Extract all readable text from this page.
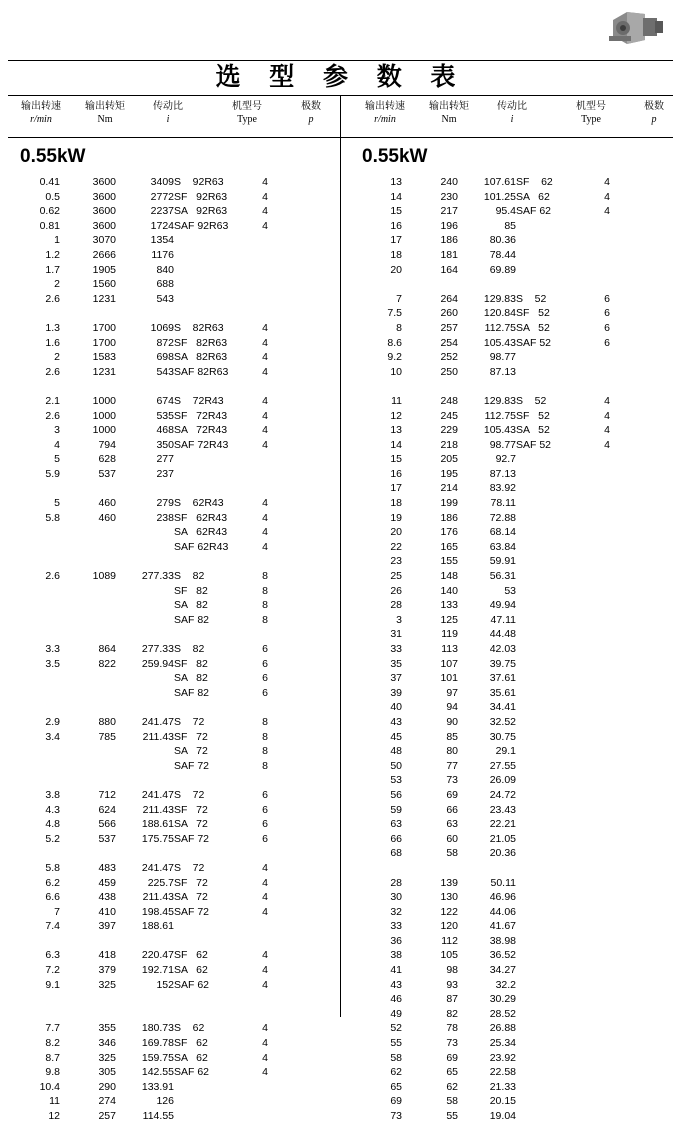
选 型 参 数 表
输出转速
r/min
输出转矩
Nm
传动比
i
机型号
Type
极数
p
输出转速
r/min
输出转矩
Nm
传动比
i
机型号
Type
极数
p
0.55kW	0.55kW
0.41	3600	3409	S    92R63	4
0.5	3600	2772	SF   92R63	4
0.62	3600	2237	SA   92R63	4
0.81	3600	1724	SAF 92R63	4
1	3070	1354		
1.2	2666	1176		
1.7	1905	840		
2	1560	688		
2.6	1231	543		

1.3	1700	1069	S    82R63	4
1.6	1700	872	SF   82R63	4
2	1583	698	SA   82R63	4
2.6	1231	543	SAF 82R63	4

2.1	1000	674	S    72R43	4
2.6	1000	535	SF   72R43	4
3	1000	468	SA   72R43	4
4	794	350	SAF 72R43	4
5	628	277		
5.9	537	237		

5	460	279	S    62R43	4
5.8	460	238	SF   62R43	4
			SA   62R43	4
			SAF 62R43	4

2.6	1089	277.33	S    82	8
			SF   82	8
			SA   82	8
			SAF 82	8

3.3	864	277.33	S    82	6
3.5	822	259.94	SF   82	6
			SA   82	6
			SAF 82	6

2.9	880	241.47	S    72	8
3.4	785	211.43	SF   72	8
			SA   72	8
			SAF 72	8

3.8	712	241.47	S    72	6
4.3	624	211.43	SF   72	6
4.8	566	188.61	SA   72	6
5.2	537	175.75	SAF 72	6

5.8	483	241.47	S    72	4
6.2	459	225.7	SF   72	4
6.6	438	211.43	SA   72	4
7	410	198.45	SAF 72	4
7.4	397	188.61		

6.3	418	220.47	SF   62	4
7.2	379	192.71	SA   62	4
9.1	325	152	SAF 62	4

7.7	355	180.73	S    62	4
8.2	346	169.78	SF   62	4
8.7	325	159.75	SA   62	4
9.8	305	142.55	SAF 62	4
10.4	290	133.91		
11	274	126		
12	257	114.55		
13	240	107.61	SF    62	4
14	230	101.25	SA   62	4
15	217	95.4	SAF 62	4
16	196	85		
17	186	80.36		
18	181	78.44		
20	164	69.89		

7	264	129.83	S    52	6
7.5	260	120.84	SF   52	6
8	257	112.75	SA   52	6
8.6	254	105.43	SAF 52	6
9.2	252	98.77		
10	250	87.13		

11	248	129.83	S    52	4
12	245	112.75	SF   52	4
13	229	105.43	SA   52	4
14	218	98.77	SAF 52	4
15	205	92.7		
16	195	87.13		
17	214	83.92		
18	199	78.11		
19	186	72.88		
20	176	68.14		
22	165	63.84		
23	155	59.91		
25	148	56.31		
26	140	53		
28	133	49.94		
3	125	47.11		
31	119	44.48		
33	113	42.03		
35	107	39.75		
37	101	37.61		
39	97	35.61		
40	94	34.41		
43	90	32.52		
45	85	30.75		
48	80	29.1		
50	77	27.55		
53	73	26.09		
56	69	24.72		
59	66	23.43		
63	63	22.21		
66	60	21.05		
68	58	20.36		

28	139	50.11		
30	130	46.96		
32	122	44.06		
33	120	41.67		
36	112	38.98		
38	105	36.52		
41	98	34.27		
43	93	32.2		
46	87	30.29		
49	82	28.52		
52	78	26.88		
55	73	25.34		
58	69	23.92		
62	65	22.58		
65	62	21.33		
69	58	20.15		
73	55	19.04		
